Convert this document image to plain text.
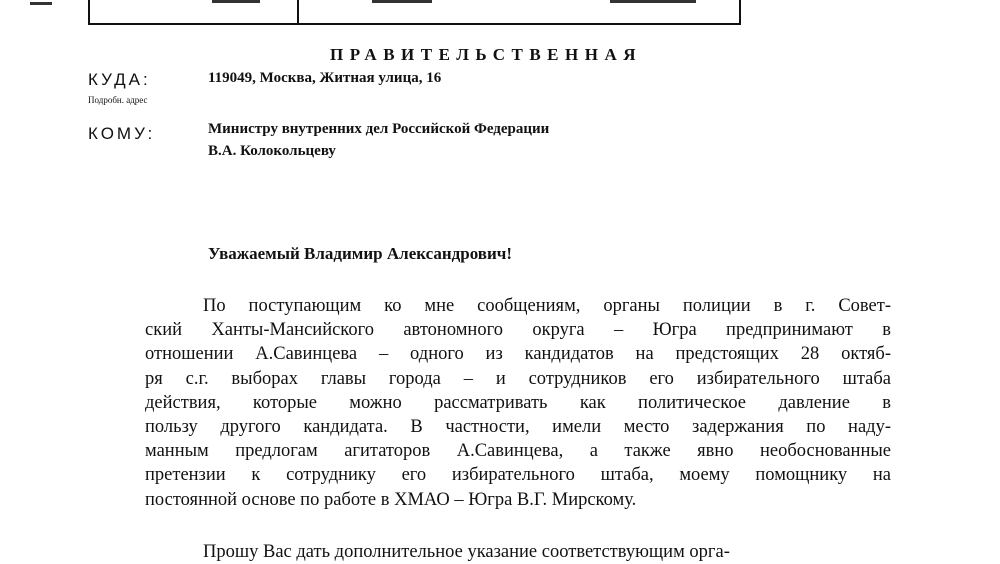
ПРАВИТЕЛЬСТВЕННАЯ
КУДА:
Подробн. адрес
119049, Москва, Житная улица, 16
КОМУ:	Министру внутренних дел Российской Федерации
В.А. Колокольцеву
Уважаемый Владимир Александрович!
По поступающим ко мне сообщениям, органы полиции в г. Совет-
ский Ханты-Мансийского автономного округа – Югра предпринимают в
отношении А.Савинцева – одного из кандидатов на предстоящих 28 октяб-
ря с.г. выборах главы города – и сотрудников его избирательного штаба
действия, которые можно рассматривать как политическое давление в
пользу другого кандидата. В частности, имели место задержания по наду-
манным предлогам агитаторов А.Савинцева, а также явно необоснованные
претензии к сотруднику его избирательного штаба, моему помощнику на
постоянной основе по работе в ХМАО – Югра В.Г. Мирскому.
Прошу Вас дать дополнительное указание соответствующим орга-
